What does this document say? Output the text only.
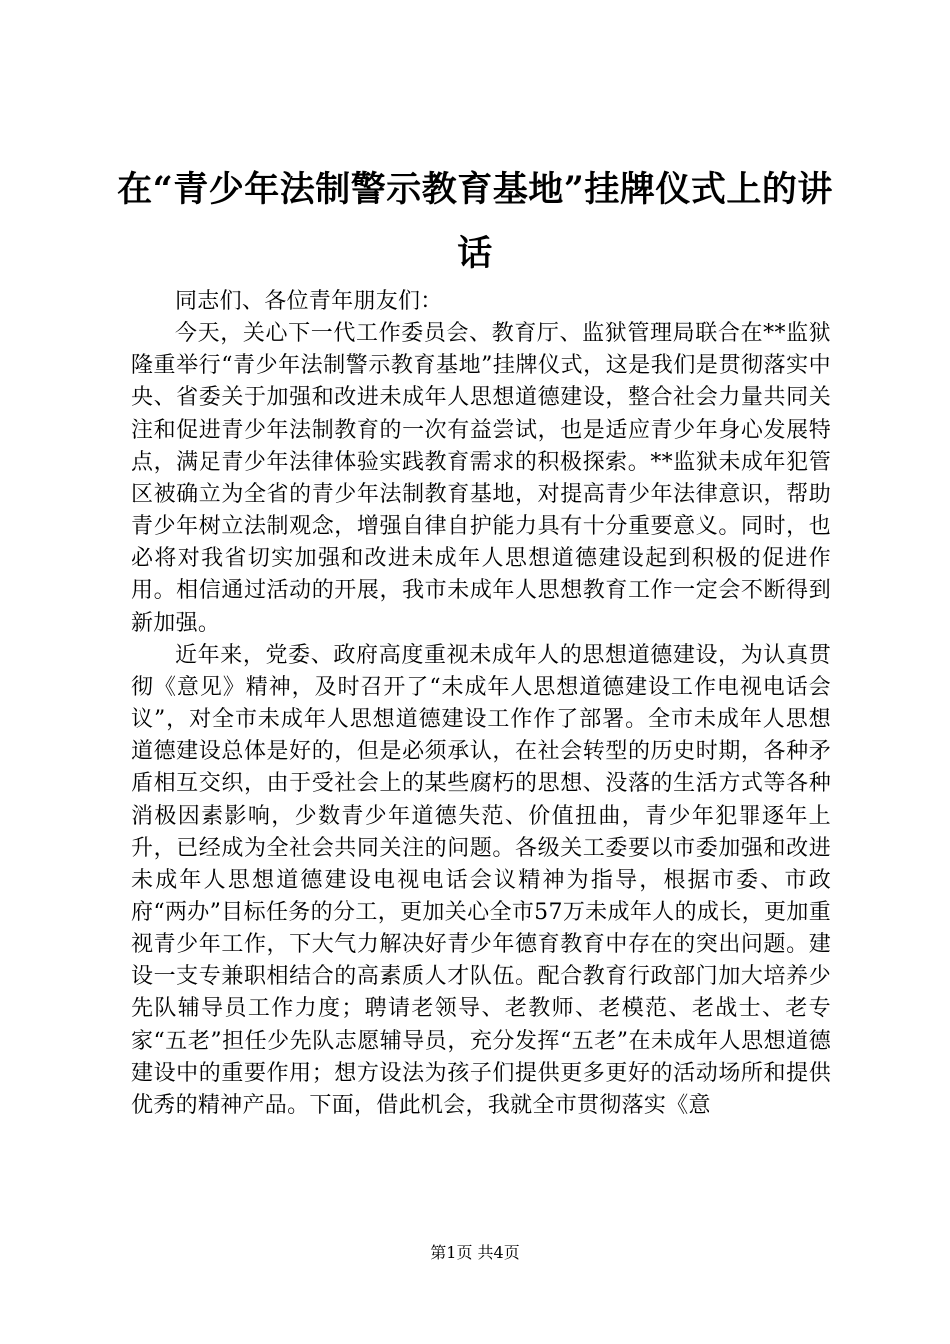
在“青少年法制警示教育基地”挂牌仪式上的讲话

同志们、各位青年朋友们：

今天，关心下一代工作委员会、教育厅、监狱管理局联合在**监狱隆重举行“青少年法制警示教育基地”挂牌仪式，这是我们是贯彻落实中央、省委关于加强和改进未成年人思想道德建设，整合社会力量共同关注和促进青少年法制教育的一次有益尝试，也是适应青少年身心发展特点，满足青少年法律体验实践教育需求的积极探索。**监狱未成年犯管区被确立为全省的青少年法制教育基地，对提高青少年法律意识，帮助青少年树立法制观念，增强自律自护能力具有十分重要意义。同时，也必将对我省切实加强和改进未成年人思想道德建设起到积极的促进作用。相信通过活动的开展，我市未成年人思想教育工作一定会不断得到新加强。

近年来，党委、政府高度重视未成年人的思想道德建设，为认真贯彻《意见》精神，及时召开了“未成年人思想道德建设工作电视电话会议”，对全市未成年人思想道德建设工作作了部署。全市未成年人思想道德建设总体是好的，但是必须承认，在社会转型的历史时期，各种矛盾相互交织，由于受社会上的某些腐朽的思想、没落的生活方式等各种消极因素影响，少数青少年道德失范、价值扭曲，青少年犯罪逐年上升，已经成为全社会共同关注的问题。各级关工委要以市委加强和改进未成年人思想道德建设电视电话会议精神为指导，根据市委、市政府“两办”目标任务的分工，更加关心全市57万未成年人的成长，更加重视青少年工作，下大气力解决好青少年德育教育中存在的突出问题。建设一支专兼职相结合的高素质人才队伍。配合教育行政部门加大培养少先队辅导员工作力度；聘请老领导、老教师、老模范、老战士、老专家“五老”担任少先队志愿辅导员，充分发挥“五老”在未成年人思想道德建设中的重要作用；想方设法为孩子们提供更多更好的活动场所和提供优秀的精神产品。下面，借此机会，我就全市贯彻落实《意

第1页 共4页
